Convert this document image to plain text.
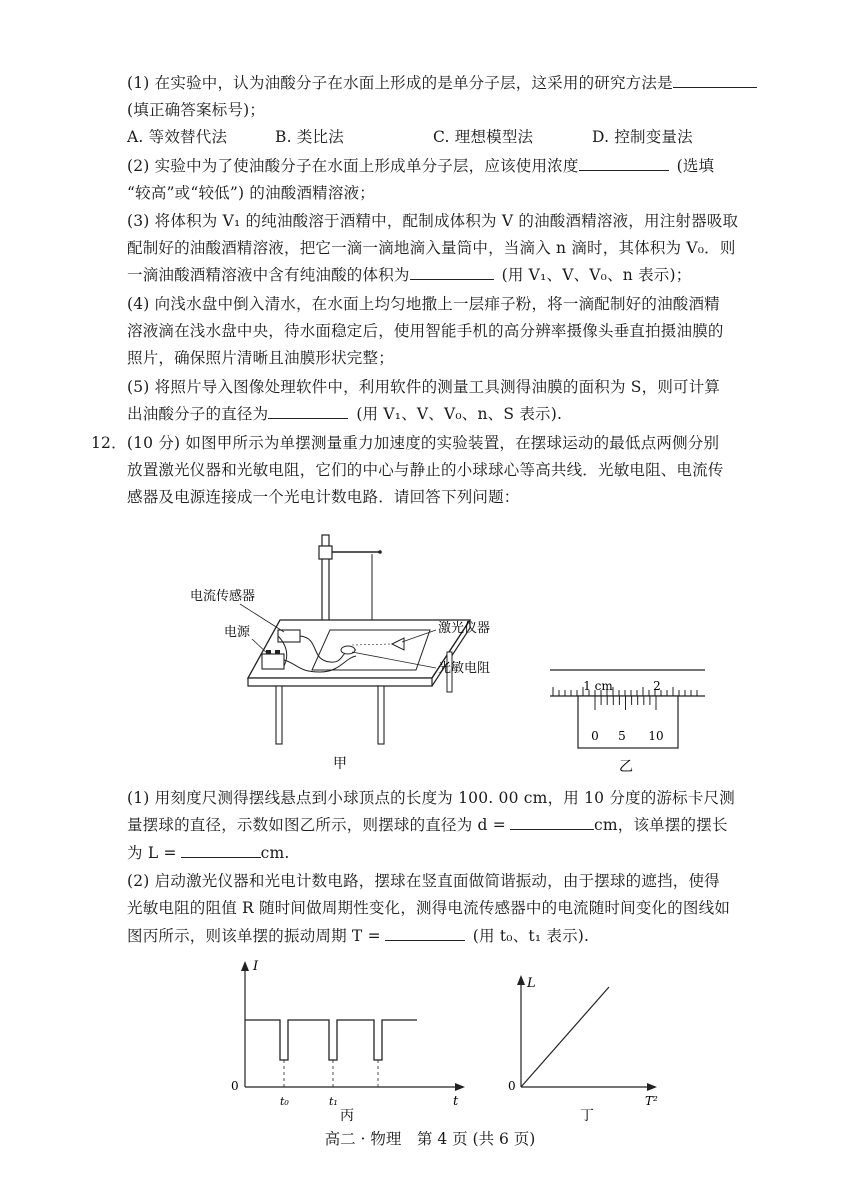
(1) 在实验中，认为油酸分子在水面上形成的是单分子层，这采用的研究方法是
(填正确答案标号)；
A. 等效替代法	B. 类比法	C. 理想模型法	D. 控制变量法
(2) 实验中为了使油酸分子在水面上形成单分子层，应该使用浓度	(选填
“较高”或“较低”) 的油酸酒精溶液；
(3) 将体积为 V₁ 的纯油酸溶于酒精中，配制成体积为 V 的油酸酒精溶液，用注射器吸取
配制好的油酸酒精溶液，把它一滴一滴地滴入量筒中，当滴入 n 滴时，其体积为 V₀．则
一滴油酸酒精溶液中含有纯油酸的体积为	(用 V₁、V、V₀、n 表示)；
(4) 向浅水盘中倒入清水，在水面上均匀地撒上一层痱子粉，将一滴配制好的油酸酒精
溶液滴在浅水盘中央，待水面稳定后，使用智能手机的高分辨率摄像头垂直拍摄油膜的
照片，确保照片清晰且油膜形状完整；
(5) 将照片导入图像处理软件中，利用软件的测量工具测得油膜的面积为 S，则可计算
出油酸分子的直径为	(用 V₁、V、V₀、n、S 表示).
12．(10 分) 如图甲所示为单摆测量重力加速度的实验装置，在摆球运动的最低点两侧分别
放置激光仪器和光敏电阻，它们的中心与静止的小球球心等高共线．光敏电阻、电流传
感器及电源连接成一个光电计数电路．请回答下列问题：
电流传感器
电源	激光仪器
光敏电阻
甲
1 cm	2
0 5 10
乙
(1) 用刻度尺测得摆线悬点到小球顶点的长度为 100. 00 cm，用 10 分度的游标卡尺测
量摆球的直径，示数如图乙所示，则摆球的直径为 d =	cm，该单摆的摆长
为 L =	cm.
(2) 启动激光仪器和光电计数电路，摆球在竖直面做简谐振动，由于摆球的遮挡，使得
光敏电阻的阻值 R 随时间做周期性变化，测得电流传感器中的电流随时间变化的图线如
图丙所示，则该单摆的振动周期 T =	(用 t₀、t₁ 表示).
I
0
t
t₀	t₁
丙
L
0
T²
丁
高二 · 物理　第 4 页 (共 6 页)
